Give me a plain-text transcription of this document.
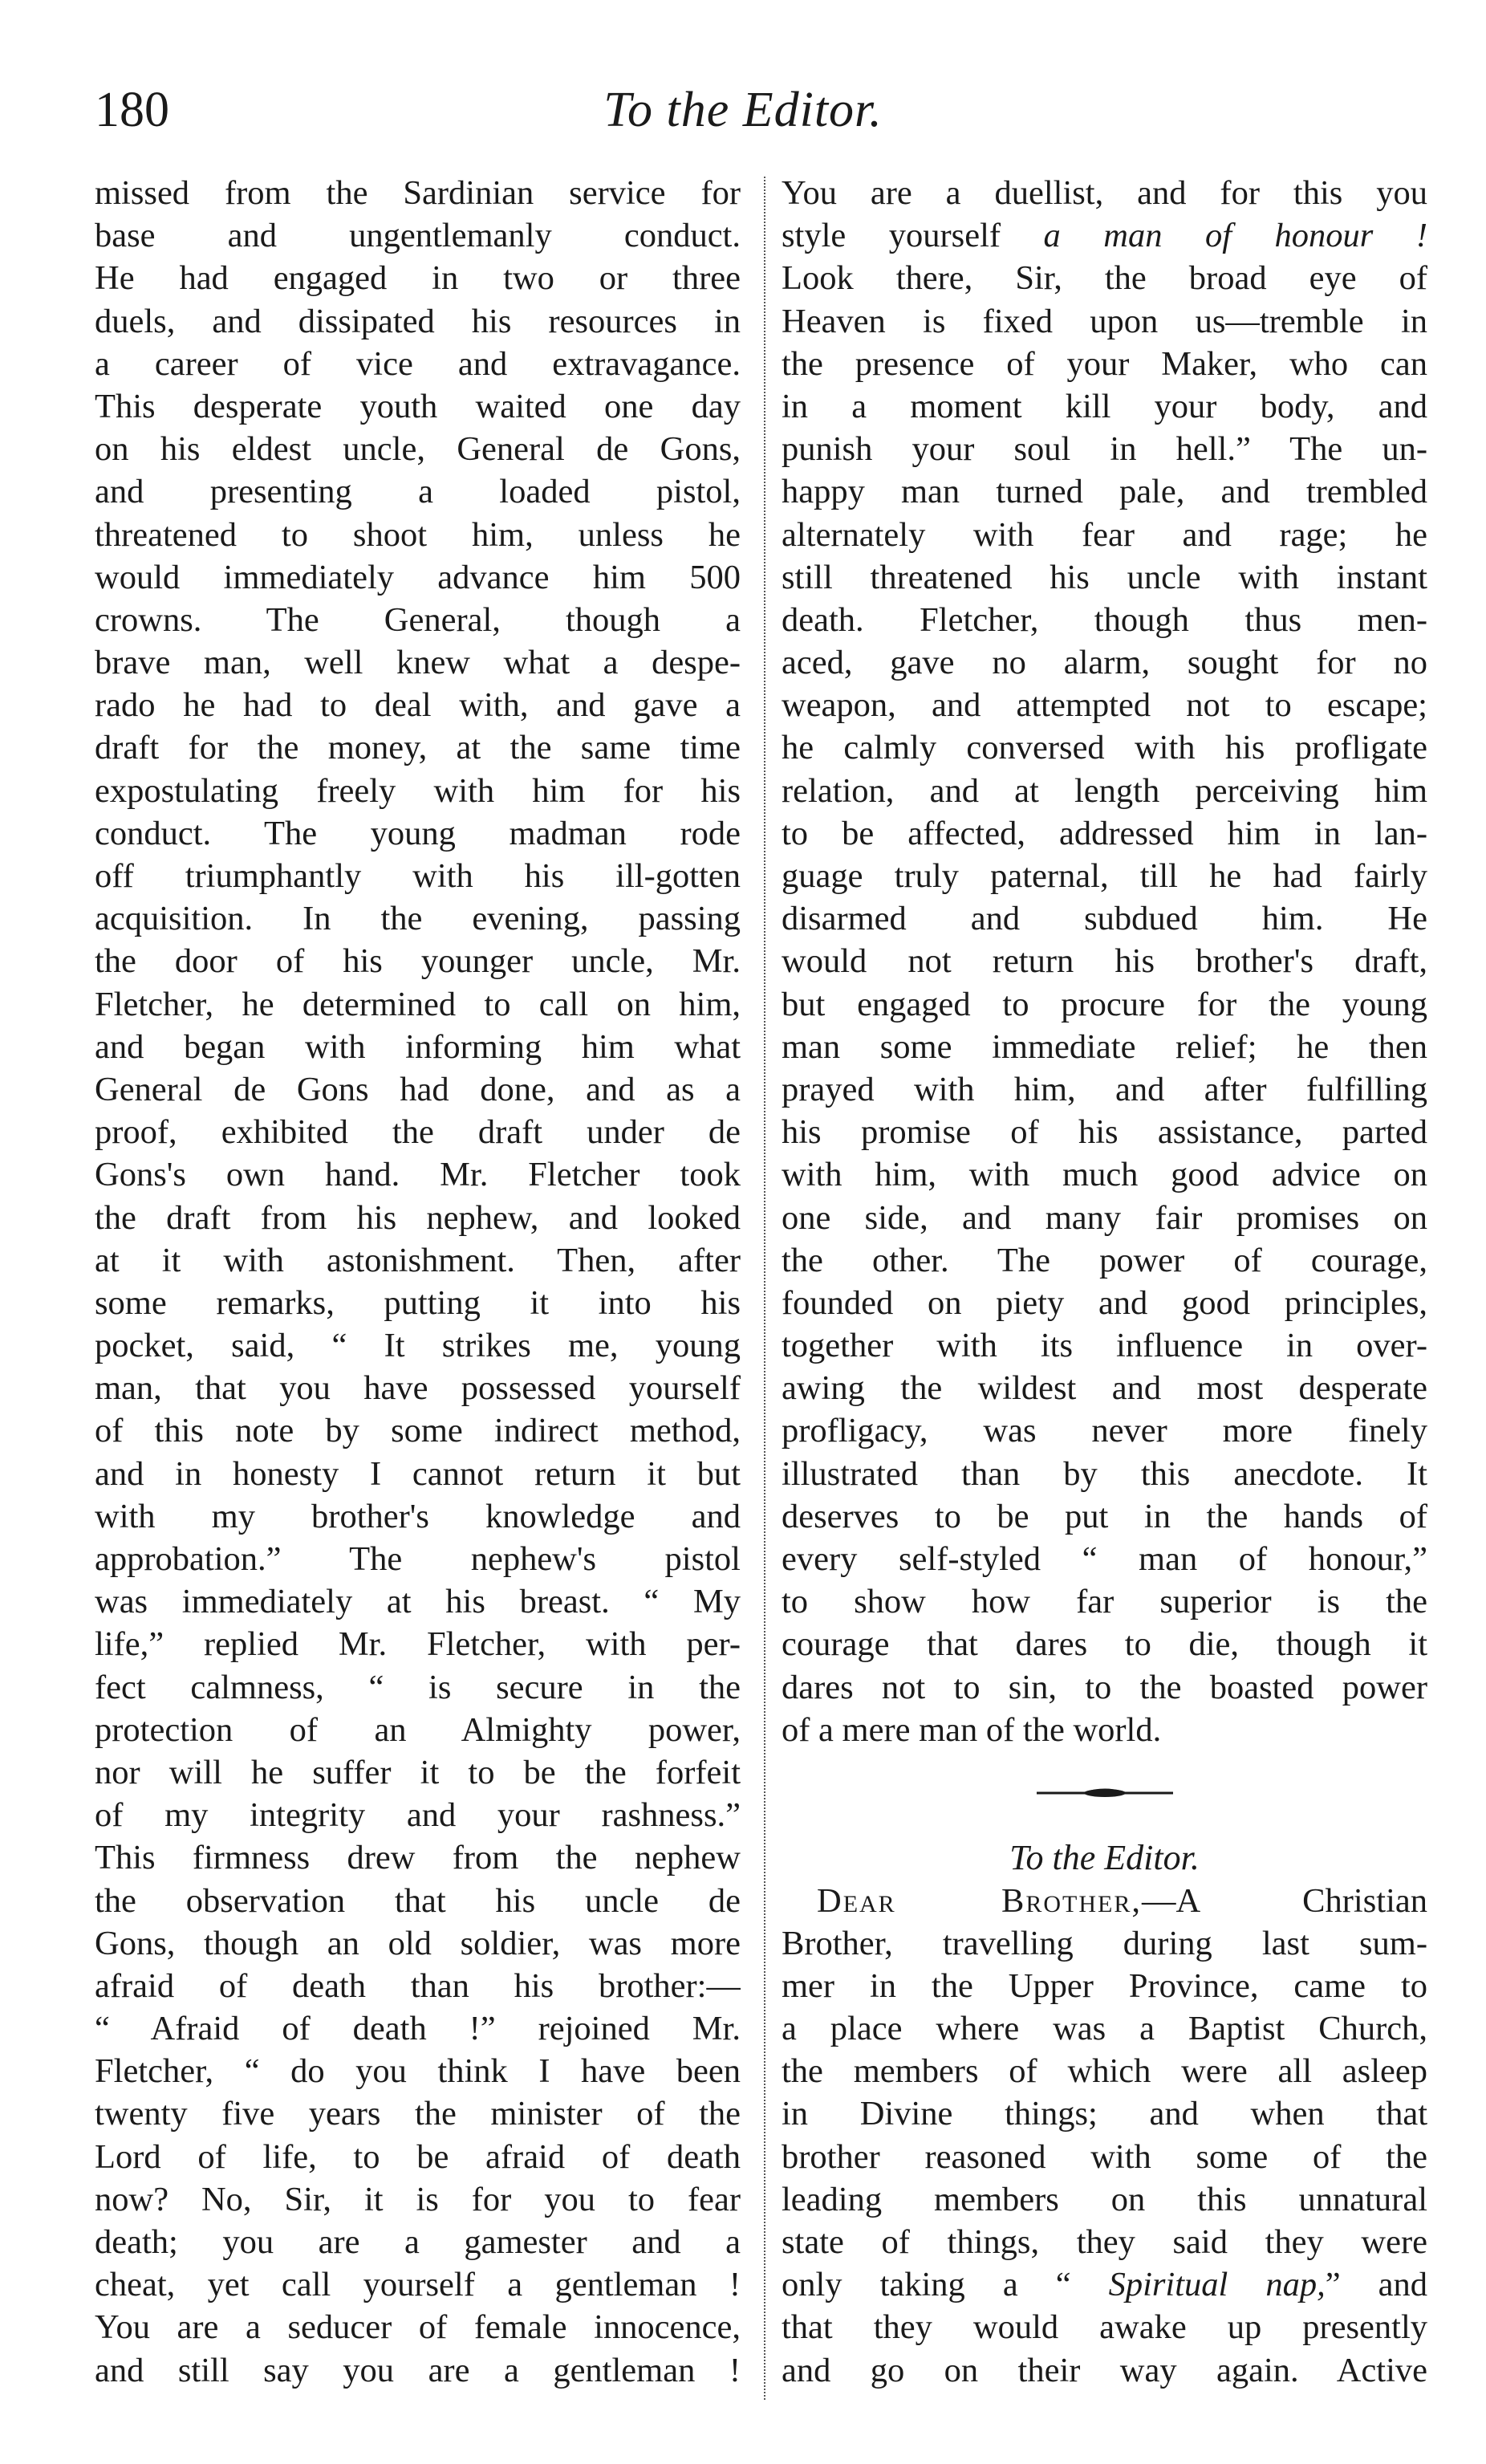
180	To the Editor.
missed from the Sardinian service for
base and ungentlemanly conduct.
He had engaged in two or three
duels, and dissipated his resources in
a career of vice and extravagance.
This desperate youth waited one day
on his eldest uncle, General de Gons,
and presenting a loaded pistol,
threatened to shoot him, unless he
would immediately advance him 500
crowns. The General, though a
brave man, well knew what a despe-
rado he had to deal with, and gave a
draft for the money, at the same time
expostulating freely with him for his
conduct. The young madman rode
off triumphantly with his ill-gotten
acquisition. In the evening, passing
the door of his younger uncle, Mr.
Fletcher, he determined to call on him,
and began with informing him what
General de Gons had done, and as a
proof, exhibited the draft under de
Gons's own hand. Mr. Fletcher took
the draft from his nephew, and looked
at it with astonishment. Then, after
some remarks, putting it into his
pocket, said, “ It strikes me, young
man, that you have possessed yourself
of this note by some indirect method,
and in honesty I cannot return it but
with my brother's knowledge and
approbation.” The nephew's pistol
was immediately at his breast. “ My
life,” replied Mr. Fletcher, with per-
fect calmness, “ is secure in the
protection of an Almighty power,
nor will he suffer it to be the forfeit
of my integrity and your rashness.”
This firmness drew from the nephew
the observation that his uncle de
Gons, though an old soldier, was more
afraid of death than his brother:—
“ Afraid of death !” rejoined Mr.
Fletcher, “ do you think I have been
twenty five years the minister of the
Lord of life, to be afraid of death
now? No, Sir, it is for you to fear
death; you are a gamester and a
cheat, yet call yourself a gentleman !
You are a seducer of female innocence,
and still say you are a gentleman !
You are a duellist, and for this you
style yourself a man of honour !
Look there, Sir, the broad eye of
Heaven is fixed upon us—tremble in
the presence of your Maker, who can
in a moment kill your body, and
punish your soul in hell.” The un-
happy man turned pale, and trembled
alternately with fear and rage; he
still threatened his uncle with instant
death. Fletcher, though thus men-
aced, gave no alarm, sought for no
weapon, and attempted not to escape;
he calmly conversed with his profligate
relation, and at length perceiving him
to be affected, addressed him in lan-
guage truly paternal, till he had fairly
disarmed and subdued him. He
would not return his brother's draft,
but engaged to procure for the young
man some immediate relief; he then
prayed with him, and after fulfilling
his promise of his assistance, parted
with him, with much good advice on
one side, and many fair promises on
the other. The power of courage,
founded on piety and good principles,
together with its influence in over-
awing the wildest and most desperate
profligacy, was never more finely
illustrated than by this anecdote. It
deserves to be put in the hands of
every self-styled “ man of honour,”
to show how far superior is the
courage that dares to die, though it
dares not to sin, to the boasted power
of a mere man of the world.
To the Editor.
Dear Brother,—A Christian
Brother, travelling during last sum-
mer in the Upper Province, came to
a place where was a Baptist Church,
the members of which were all asleep
in Divine things; and when that
brother reasoned with some of the
leading members on this unnatural
state of things, they said they were
only taking a “ Spiritual nap,” and
that they would awake up presently
and go on their way again. Active
